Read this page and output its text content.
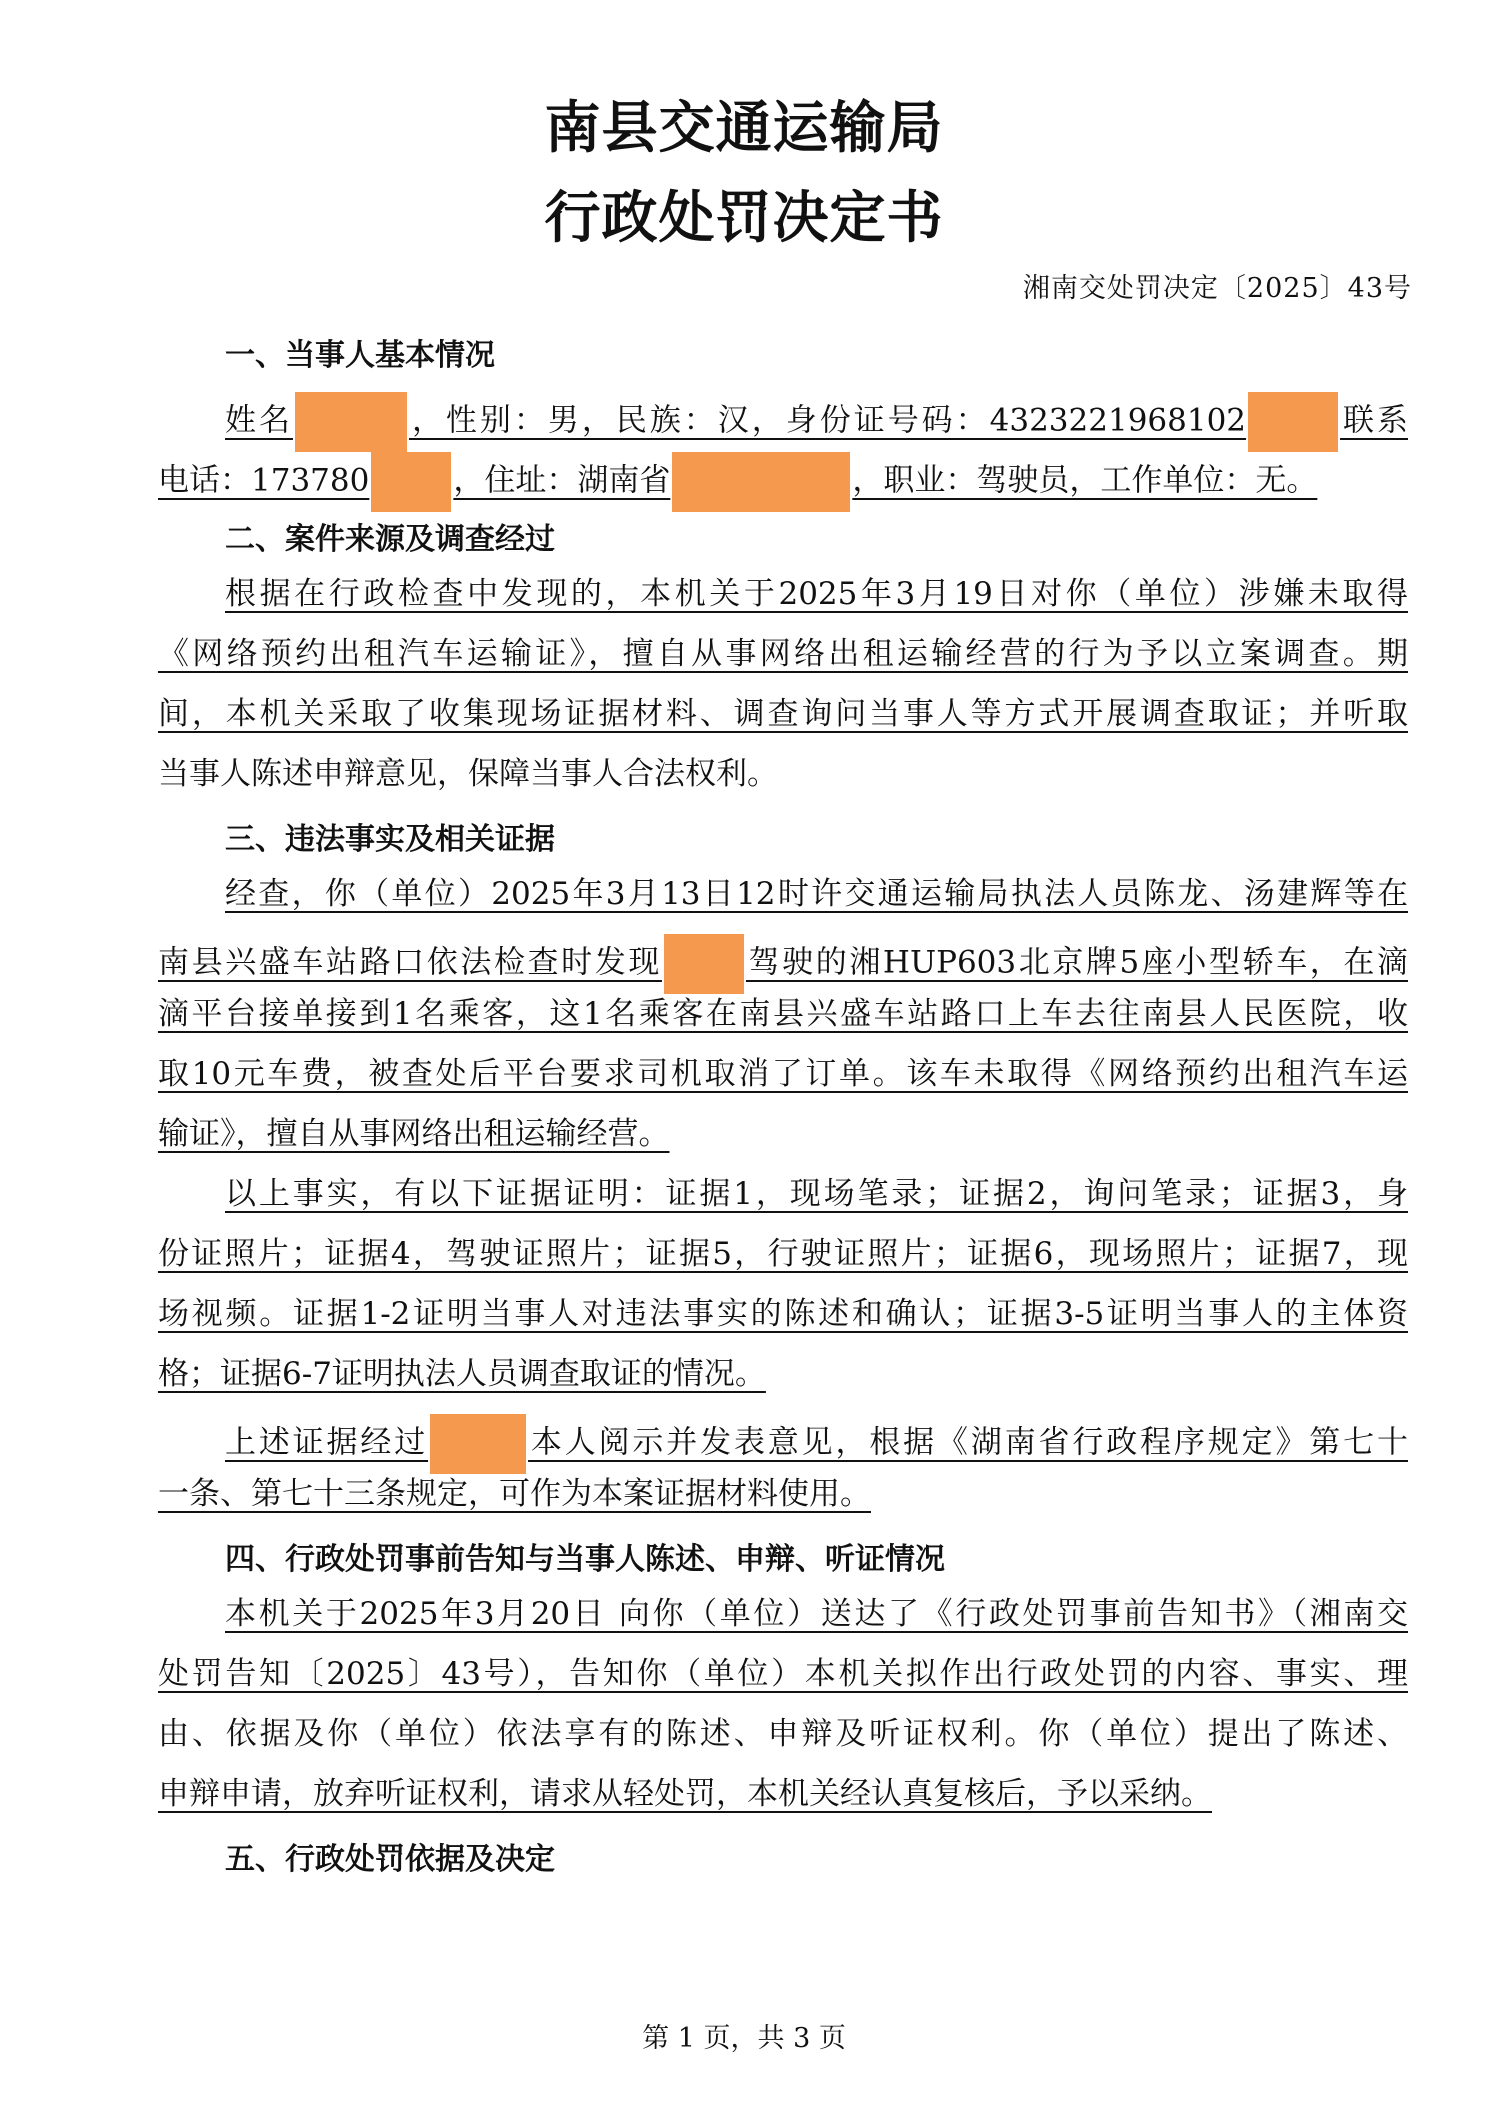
南县交通运输局
行政处罚决定书
湘南交处罚决定〔2025〕43号
一、当事人基本情况
姓名	，性别：男，民族：汉，身份证号码：4323221968102	联系
电话：173780	，住址：湖南省	，职业：驾驶员，工作单位：无。
二、案件来源及调查经过
根据在行政检查中发现的，本机关于2025年3月19日对你（单位）涉嫌未取得
《网络预约出租汽车运输证》，擅自从事网络出租运输经营的行为予以立案调查。期
间，本机关采取了收集现场证据材料、调查询问当事人等方式开展调查取证；并听取
当事人陈述申辩意见，保障当事人合法权利。
三、违法事实及相关证据
经查，你（单位）2025年3月13日12时许交通运输局执法人员陈龙、汤建辉等在
南县兴盛车站路口依法检查时发现	驾驶的湘HUP603北京牌5座小型轿车，在滴
滴平台接单接到1名乘客，这1名乘客在南县兴盛车站路口上车去往南县人民医院，收
取10元车费，被查处后平台要求司机取消了订单。该车未取得《网络预约出租汽车运
输证》，擅自从事网络出租运输经营。
以上事实，有以下证据证明：证据1，现场笔录；证据2，询问笔录；证据3，身
份证照片；证据4，驾驶证照片；证据5，行驶证照片；证据6，现场照片；证据7，现
场视频。证据1-2证明当事人对违法事实的陈述和确认；证据3-5证明当事人的主体资
格；证据6-7证明执法人员调查取证的情况。
上述证据经过	本人阅示并发表意见，根据《湖南省行政程序规定》第七十
一条、第七十三条规定，可作为本案证据材料使用。
四、行政处罚事前告知与当事人陈述、申辩、听证情况
本机关于2025年3月20日 向你（单位）送达了《行政处罚事前告知书》（湘南交
处罚告知〔2025〕43号），告知你（单位）本机关拟作出行政处罚的内容、事实、理
由、依据及你（单位）依法享有的陈述、申辩及听证权利。你（单位）提出了陈述、
申辩申请，放弃听证权利，请求从轻处罚，本机关经认真复核后，予以采纳。
五、行政处罚依据及决定
第 1 页，共 3 页
